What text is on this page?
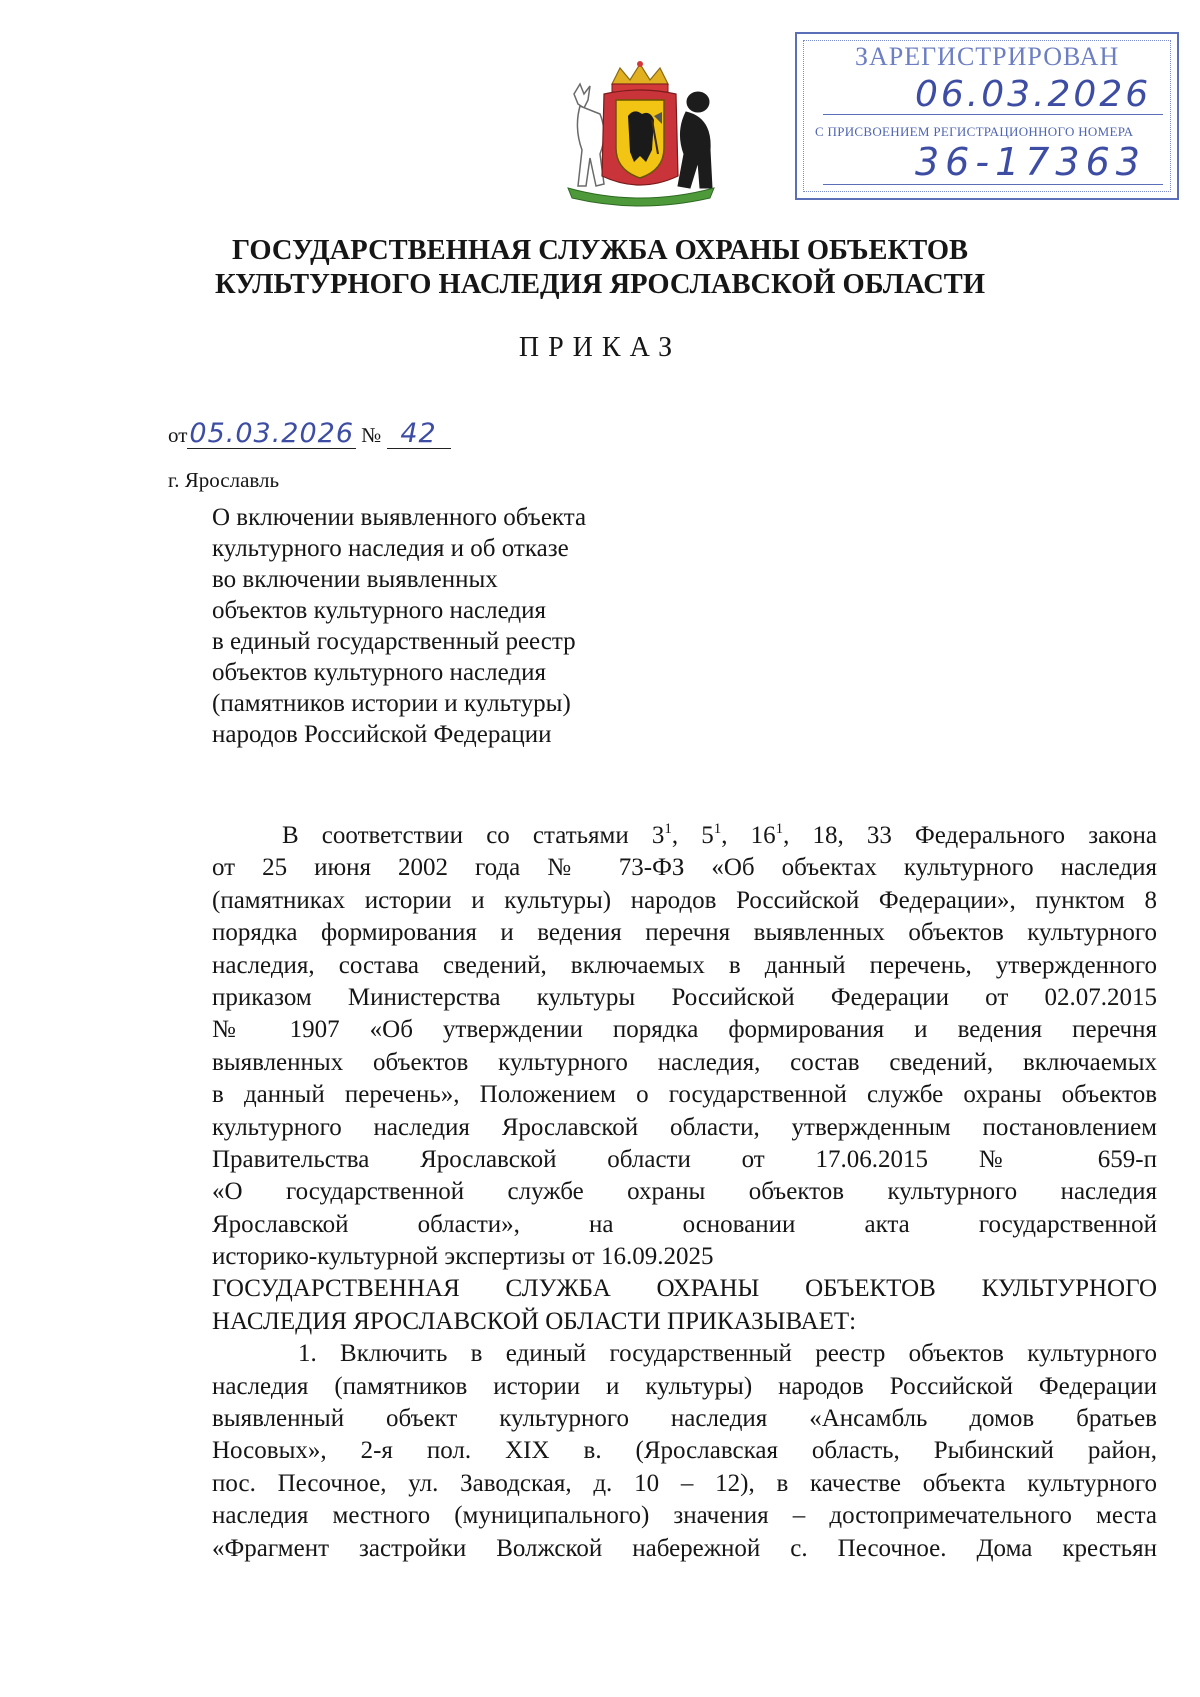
ЗАРЕГИСТРИРОВАН
06.03.2026
С ПРИСВОЕНИЕМ РЕГИСТРАЦИОННОГО НОМЕРА
36-17363
ГОСУДАРСТВЕННАЯ СЛУЖБА ОХРАНЫ ОБЪЕКТОВ
КУЛЬТУРНОГО НАСЛЕДИЯ ЯРОСЛАВСКОЙ ОБЛАСТИ
ПРИКАЗ
от05.03.2026 № 42
г. Ярославль
О включении выявленного объекта
культурного наследия и об отказе
во включении выявленных
объектов культурного наследия
в единый государственный реестр
объектов культурного наследия
(памятников истории и культуры)
народов Российской Федерации
В соответствии со статьями $3^1$, $5^1$, $16^1$, 18, 33 Федерального закона
от 25 июня 2002 года № 73-ФЗ «Об объектах культурного наследия
(памятниках истории и культуры) народов Российской Федерации», пунктом 8
порядка формирования и ведения перечня выявленных объектов культурного
наследия, состава сведений, включаемых в данный перечень, утвержденного
приказом Министерства культуры Российской Федерации от 02.07.2015
№ 1907 «Об утверждении порядка формирования и ведения перечня
выявленных объектов культурного наследия, состав сведений, включаемых
в данный перечень», Положением о государственной службе охраны объектов
культурного наследия Ярославской области, утвержденным постановлением
Правительства Ярославской области от 17.06.2015 № 659-п
«О государственной службе охраны объектов культурного наследия
Ярославской области», на основании акта государственной
историко-культурной экспертизы от 16.09.2025
ГОСУДАРСТВЕННАЯ СЛУЖБА ОХРАНЫ ОБЪЕКТОВ КУЛЬТУРНОГО
НАСЛЕДИЯ ЯРОСЛАВСКОЙ ОБЛАСТИ ПРИКАЗЫВАЕТ:
1. Включить в единый государственный реестр объектов культурного
наследия (памятников истории и культуры) народов Российской Федерации
выявленный объект культурного наследия «Ансамбль домов братьев
Носовых», 2-я пол. XIX в. (Ярославская область, Рыбинский район,
пос. Песочное, ул. Заводская, д. 10 – 12), в качестве объекта культурного
наследия местного (муниципального) значения – достопримечательного места
«Фрагмент застройки Волжской набережной с. Песочное. Дома крестьян
